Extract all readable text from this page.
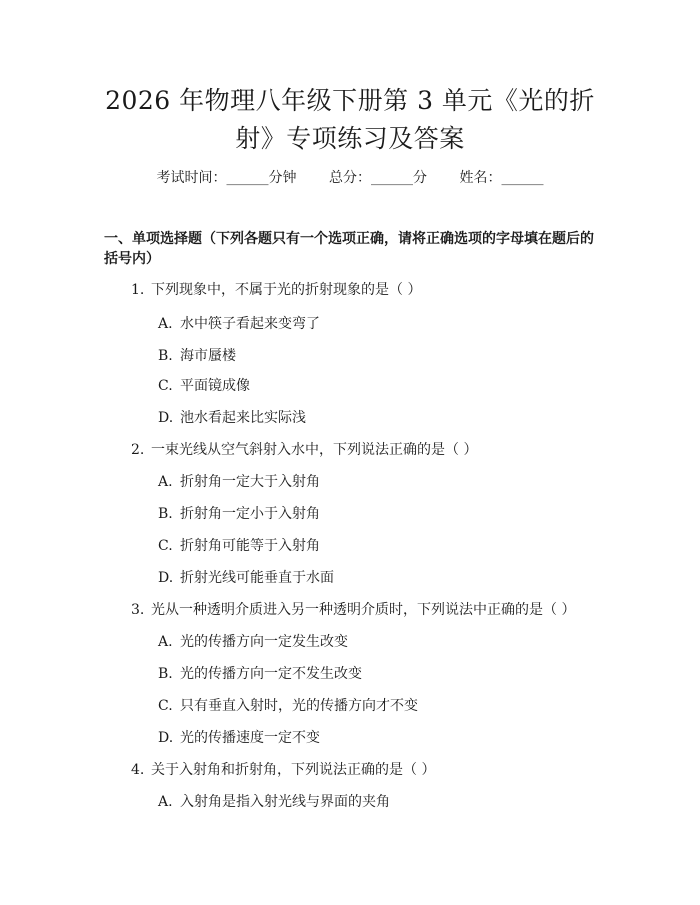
2026 年物理八年级下册第 3 单元《光的折
射》专项练习及答案
考试时间：______分钟 总分：______分 姓名：______
一、单项选择题（下列各题只有一个选项正确，请将正确选项的字母填在题后的
括号内）
1. 下列现象中，不属于光的折射现象的是（ ）
A. 水中筷子看起来变弯了
B. 海市蜃楼
C. 平面镜成像
D. 池水看起来比实际浅
2. 一束光线从空气斜射入水中，下列说法正确的是（ ）
A. 折射角一定大于入射角
B. 折射角一定小于入射角
C. 折射角可能等于入射角
D. 折射光线可能垂直于水面
3. 光从一种透明介质进入另一种透明介质时，下列说法中正确的是（ ）
A. 光的传播方向一定发生改变
B. 光的传播方向一定不发生改变
C. 只有垂直入射时，光的传播方向才不变
D. 光的传播速度一定不变
4. 关于入射角和折射角，下列说法正确的是（ ）
A. 入射角是指入射光线与界面的夹角
